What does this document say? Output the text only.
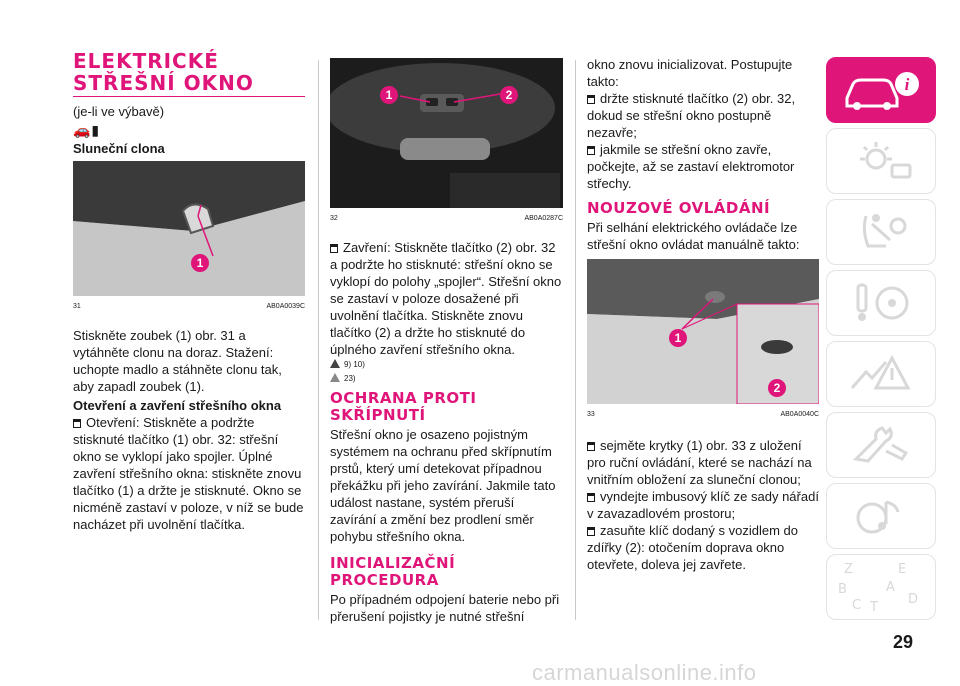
ELEKTRICKÉ
STŘEŠNÍ OKNO

(je-li ve výbavě)

🚗▮

Sluneční clona

1
31	AB0A0039C

Stiskněte zoubek (1) obr. 31 a vytáhněte clonu na doraz. Stažení: uchopte madlo a stáhněte clonu tak, aby zapadl zoubek (1).

Otevření a zavření střešního okna

Otevření: Stiskněte a podržte stisknuté tlačítko (1) obr. 32: střešní okno se vyklopí jako spojler. Úplné zavření střešního okna: stiskněte znovu tlačítko (1) a držte je stisknuté. Okno se nicméně zastaví v poloze, v níž se bude nacházet při uvolnění tlačítka.

1	2
32	AB0A0287C

Zavření: Stiskněte tlačítko (2) obr. 32 a podržte ho stisknuté: střešní okno se vyklopí do polohy „spojler“. Střešní okno se zastaví v poloze dosažené při uvolnění tlačítka. Stiskněte znovu tlačítko (2) a držte ho stisknuté do úplného zavření střešního okna.

9) 10)
23)
OCHRANA PROTI SKŘÍPNUTÍ

Střešní okno je osazeno pojistným systémem na ochranu před skřípnutím prstů, který umí detekovat případnou překážku při jeho zavírání. Jakmile tato událost nastane, systém přeruší zavírání a změní bez prodlení směr pohybu střešního okna.

INICIALIZAČNÍ PROCEDURA

Po případném odpojení baterie nebo při přerušení pojistky je nutné střešní

okno znovu inicializovat. Postupujte takto:

držte stisknuté tlačítko (2) obr. 32, dokud se střešní okno postupně nezavře;

jakmile se střešní okno zavře, počkejte, až se zastaví elektromotor střechy.

NOUZOVÉ OVLÁDÁNÍ

Při selhání elektrického ovládače lze střešní okno ovládat manuálně takto:

1
2
33	AB0A0040C

sejměte krytky (1) obr. 33 z uložení pro ruční ovládání, které se nachází na vnitřním obložení za sluneční clonou;

vyndejte imbusový klíč ze sady nářadí v zavazadlovém prostoru;

zasuňte klíč dodaný s vozidlem do zdířky (2): otočením doprava okno otevřete, doleva jej zavřete.

i
Z	E
B	A
C T
D
29
carmanualsonline.info
